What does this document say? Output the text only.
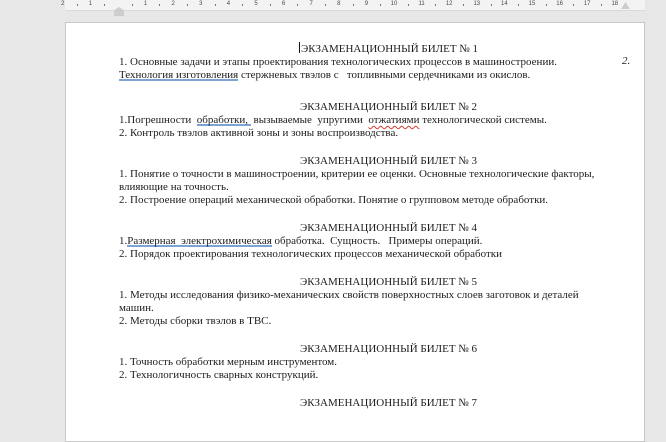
1	2	3	4	5	6	7	8	9	10	11	12	13	14	15	16	17	18
1
2
2.
ЭКЗАМЕНАЦИОННЫЙ БИЛЕТ № 1
1. Основные задачи и этапы проектирования технологических процессов в машиностроении.
Технология изготовления стержневых твэлов с   топливными сердечниками из окислов.
ЭКЗАМЕНАЦИОННЫЙ БИЛЕТ № 2
1.Погрешности  обработки,  вызываемые  упругими  отжатиями технологической системы.
2. Контроль твэлов активной зоны и зоны воспроизводства.
ЭКЗАМЕНАЦИОННЫЙ БИЛЕТ № 3
1. Понятие о точности в машиностроении, критерии ее оценки. Основные технологические факторы,
влияющие на точность.
2. Построение операций механической обработки. Понятие о групповом методе обработки.
ЭКЗАМЕНАЦИОННЫЙ БИЛЕТ № 4
1.Размерная  электрохимическая обработка.  Сущность.   Примеры операций.
2. Порядок проектирования технологических процессов механической обработки
ЭКЗАМЕНАЦИОННЫЙ БИЛЕТ № 5
1. Методы исследования физико-механических свойств поверхностных слоев заготовок и деталей
машин.
2. Методы сборки твэлов в ТВС.
ЭКЗАМЕНАЦИОННЫЙ БИЛЕТ № 6
1. Точность обработки мерным инструментом.
2. Технологичность сварных конструкций.
ЭКЗАМЕНАЦИОННЫЙ БИЛЕТ № 7
